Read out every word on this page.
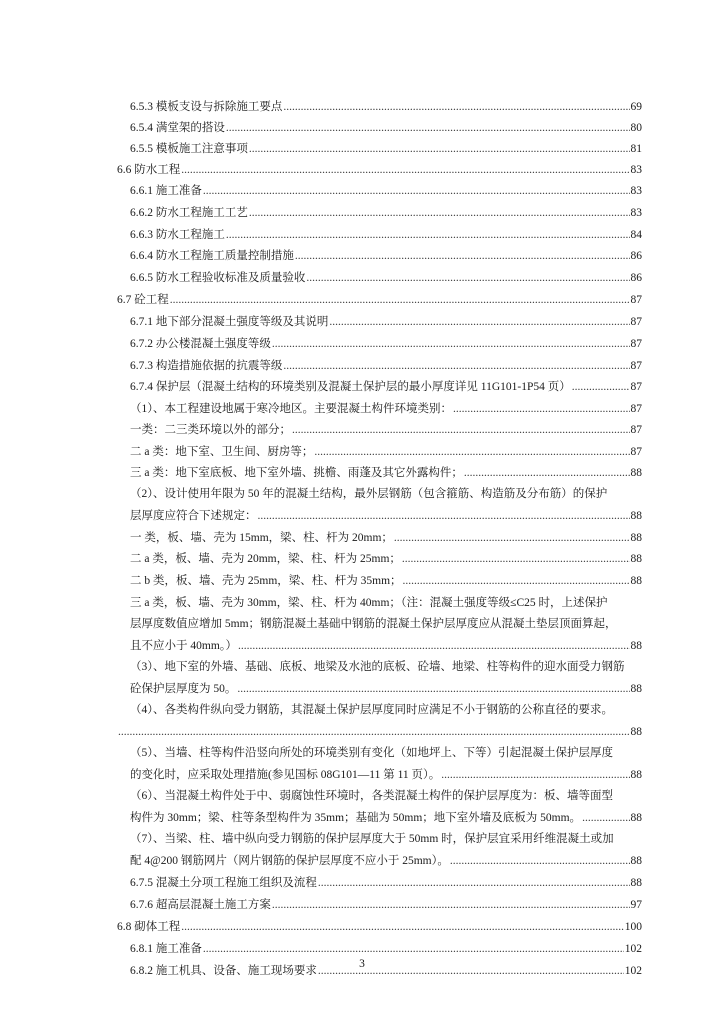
6.5.3 模板支设与拆除施工要点 .....	69
6.5.4 满堂架的搭设 .....	80
6.5.5 模板施工注意事项 .....	81
6.6 防水工程 .....	83
6.6.1 施工准备 .....	83
6.6.2 防水工程施工工艺 .....	83
6.6.3 防水工程施工 .....	84
6.6.4 防水工程施工质量控制措施 .....	86
6.6.5 防水工程验收标准及质量验收 .....	86
6.7 砼工程 .....	87
6.7.1 地下部分混凝土强度等级及其说明 .....	87
6.7.2 办公楼混凝土强度等级 .....	87
6.7.3 构造措施依据的抗震等级 .....	87
6.7.4 保护层（混凝土结构的环境类别及混凝土保护层的最小厚度详见 11G101-1P54 页） .....	87
（1）、本工程建设地属于寒冷地区。主要混凝土构件环境类别： .....	87
一类：二三类环境以外的部分； .....	87
二 a 类：地下室、卫生间、厨房等； .....	87
三 a 类：地下室底板、地下室外墙、挑檐、雨蓬及其它外露构件； .....	88
（2）、设计使用年限为 50 年的混凝土结构，最外层钢筋（包含箍筋、构造筋及分布筋）的保护
层厚度应符合下述规定： .....	88
一 类，板、墙、壳为 15mm，梁、柱、杆为 20mm； .....	88
二 a 类，板、墙、壳为 20mm，梁、柱、杆为 25mm； .....	88
二 b 类，板、墙、壳为 25mm，梁、柱、杆为 35mm； .....	88
三 a 类，板、墙、壳为 30mm，梁、柱、杆为 40mm；（注：混凝土强度等级≤C25 时，上述保护
层厚度数值应增加 5mm；钢筋混凝土基础中钢筋的混凝土保护层厚度应从混凝土垫层顶面算起，
且不应小于 40mm。） .....	88
（3）、地下室的外墙、基础、底板、地梁及水池的底板、砼墙、地梁、柱等构件的迎水面受力钢筋
砼保护层厚度为 50。 .....	88
（4）、各类构件纵向受力钢筋，其混凝土保护层厚度同时应满足不小于钢筋的公称直径的要求。
.....
88
（5）、当墙、柱等构件沿竖向所处的环境类别有变化（如地坪上、下等）引起混凝土保护层厚度
的变化时，应采取处理措施(参见国标 08G101—11 第 11 页）。 .....	88
（6）、当混凝土构件处于中、弱腐蚀性环境时，各类混凝土构件的保护层厚度为：板、墙等面型
构件为 30mm；梁、柱等条型构件为 35mm；基础为 50mm；地下室外墙及底板为 50mm。 .....	88
（7）、当梁、柱、墙中纵向受力钢筋的保护层厚度大于 50mm 时，保护层宜采用纤维混凝土或加
配 4@200 钢筋网片（网片钢筋的保护层厚度不应小于 25mm）。 .....	88
6.7.5 混凝土分项工程施工组织及流程 .....	88
6.7.6 超高层混凝土施工方案 .....	97
6.8 砌体工程 .....	100
6.8.1 施工准备 .....	102
6.8.2 施工机具、设备、施工现场要求 .....	102
3
